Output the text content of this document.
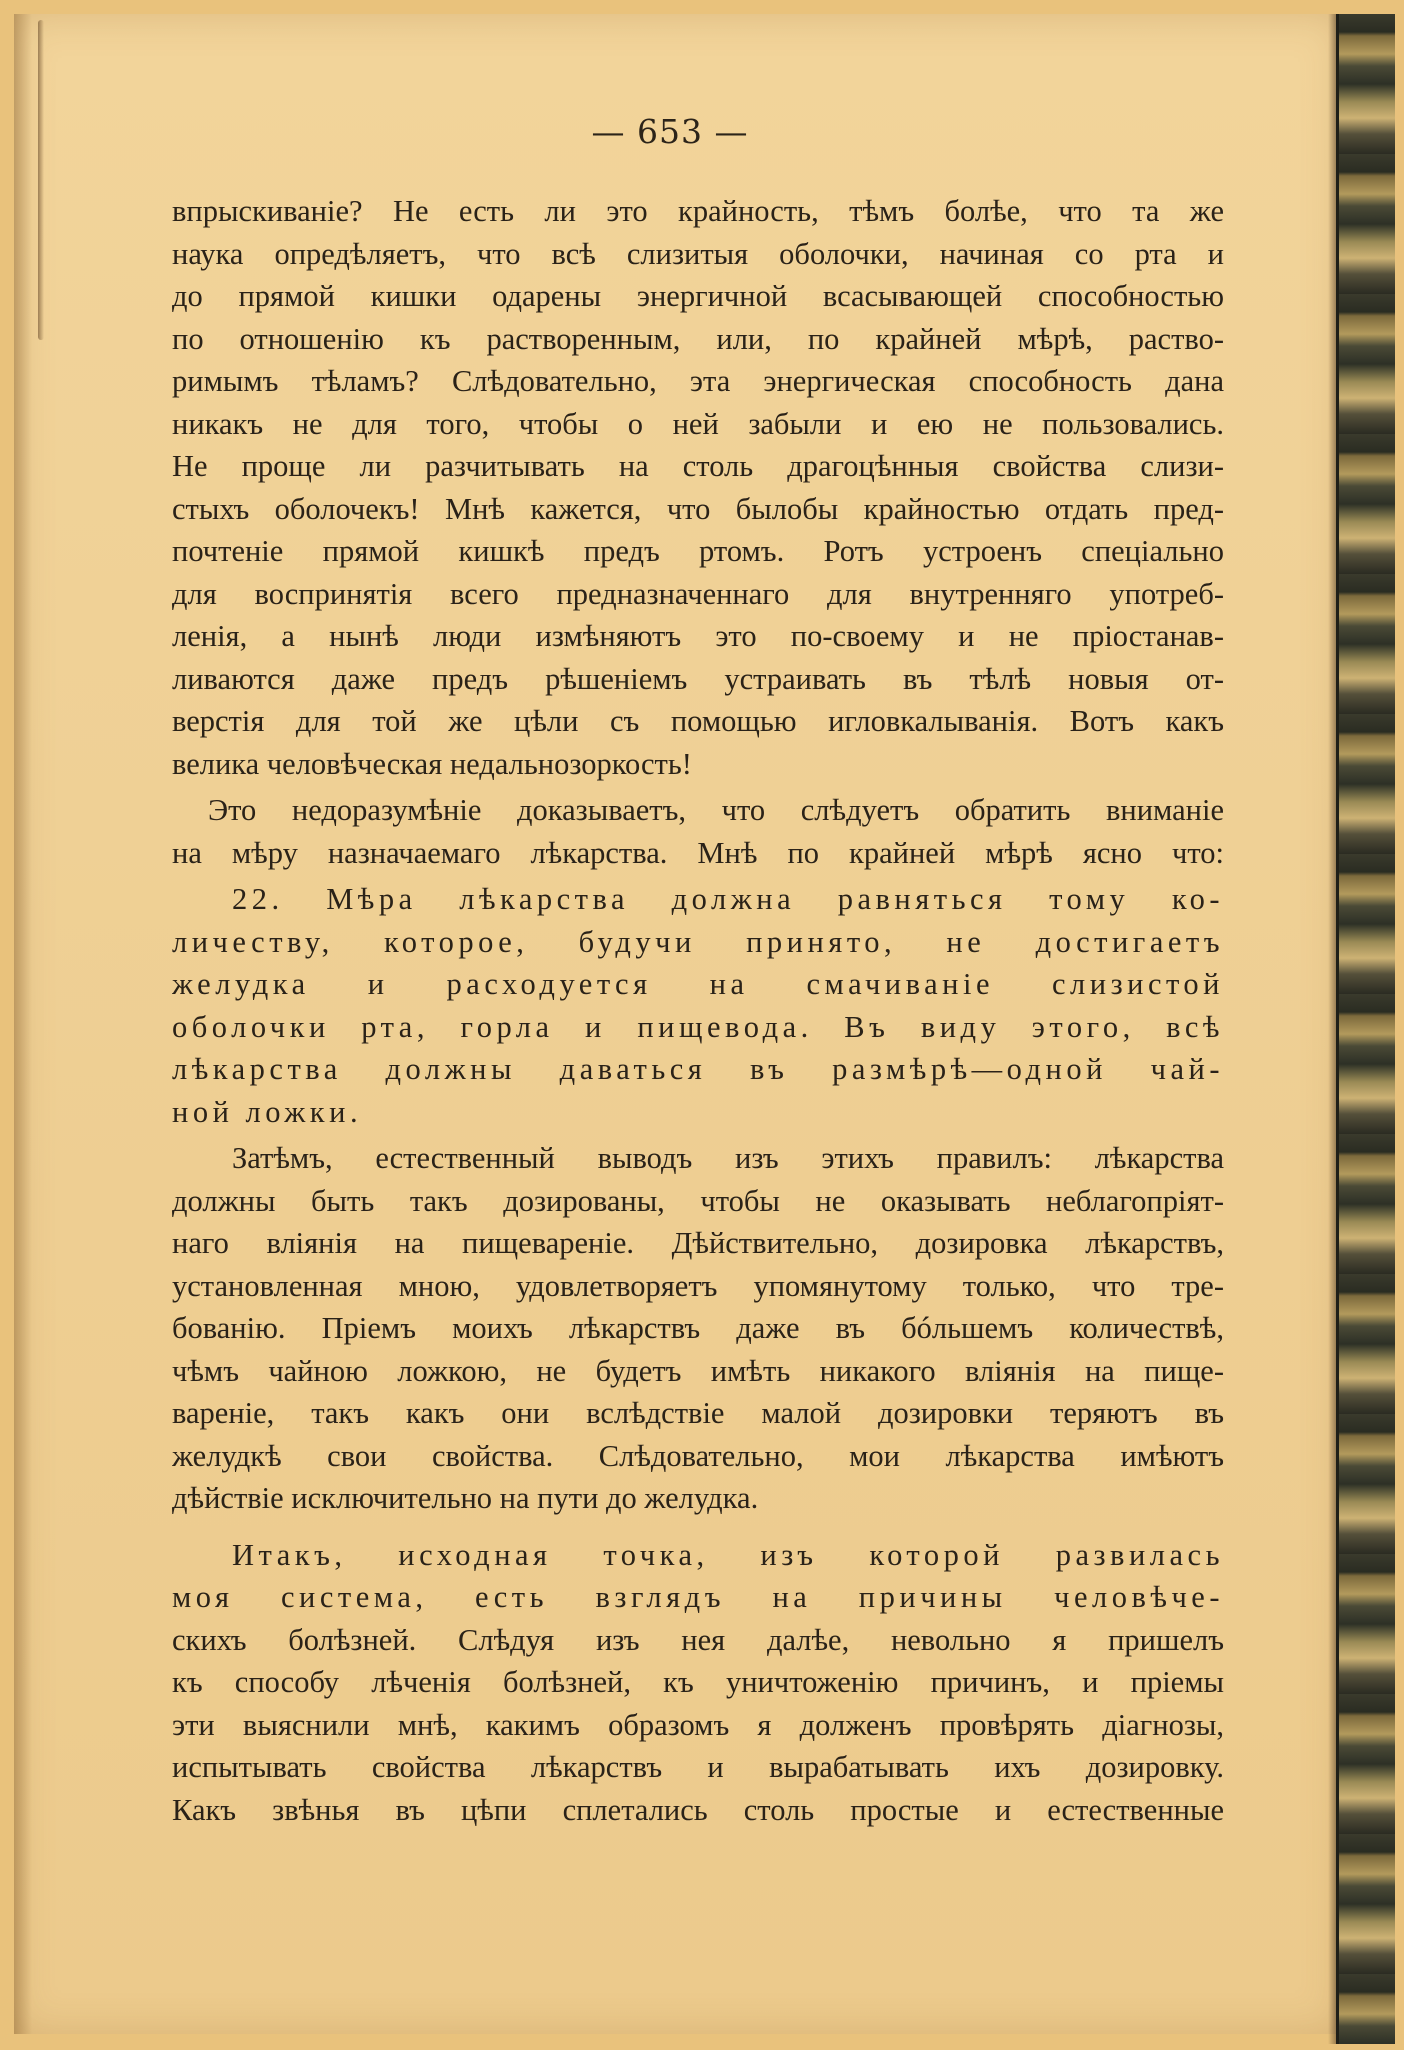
— 653 —
впрыскиваніе? Не есть ли это крайность, тѣмъ болѣе, что та же
наука опредѣляетъ, что всѣ слизитыя оболочки, начиная со рта и
до прямой кишки одарены энергичной всасывающей способностью
по отношенію къ растворенным, или, по крайней мѣрѣ, раство-
римымъ тѣламъ? Слѣдовательно, эта энергическая способность дана
никакъ не для того, чтобы о ней забыли и ею не пользовались.
Не проще ли разчитывать на столь драгоцѣнныя свойства слизи-
стыхъ оболочекъ! Мнѣ кажется, что былобы крайностью отдать пред-
почтеніе прямой кишкѣ предъ ртомъ. Ротъ устроенъ спеціально
для воспринятія всего предназначеннаго для внутренняго употреб-
ленія, а нынѣ люди измѣняютъ это по-своему и не пріостанав-
ливаются даже предъ рѣшеніемъ устраивать въ тѣлѣ новыя от-
верстія для той же цѣли съ помощью игловкалыванія. Вотъ какъ
велика человѣческая недальнозоркость!
Это недоразумѣніе доказываетъ, что слѣдуетъ обратить вниманіе
на мѣру назначаемаго лѣкарства. Мнѣ по крайней мѣрѣ ясно что:
22. Мѣра лѣкарства должна равняться тому ко-
личеству, которое, будучи принято, не достигаетъ
желудка и расходуется на смачиваніе слизистой
оболочки рта, горла и пищевода. Въ виду этого, всѣ
лѣкарства должны даваться въ размѣрѣ—одной чай-
ной ложки.
Затѣмъ, естественный выводъ изъ этихъ правилъ: лѣкарства
должны быть такъ дозированы, чтобы не оказывать неблагопріят-
наго вліянія на пищевареніе. Дѣйствительно, дозировка лѣкарствъ,
установленная мною, удовлетворяетъ упомянутому только, что тре-
бованію. Пріемъ моихъ лѣкарствъ даже въ бóльшемъ количествѣ,
чѣмъ чайною ложкою, не будетъ имѣть никакого вліянія на пище-
вареніе, такъ какъ они вслѣдствіе малой дозировки теряютъ въ
желудкѣ свои свойства. Слѣдовательно, мои лѣкарства имѣютъ
дѣйствіе исключительно на пути до желудка.
Итакъ, исходная точка, изъ которой развилась
моя система, есть взглядъ на причины человѣче-
скихъ болѣзней. Слѣдуя изъ нея далѣе, невольно я пришелъ
къ способу лѣченія болѣзней, къ уничтоженію причинъ, и пріемы
эти выяснили мнѣ, какимъ образомъ я долженъ провѣрять діагнозы,
испытывать свойства лѣкарствъ и вырабатывать ихъ дозировку.
Какъ звѣнья въ цѣпи сплетались столь простые и естественные
